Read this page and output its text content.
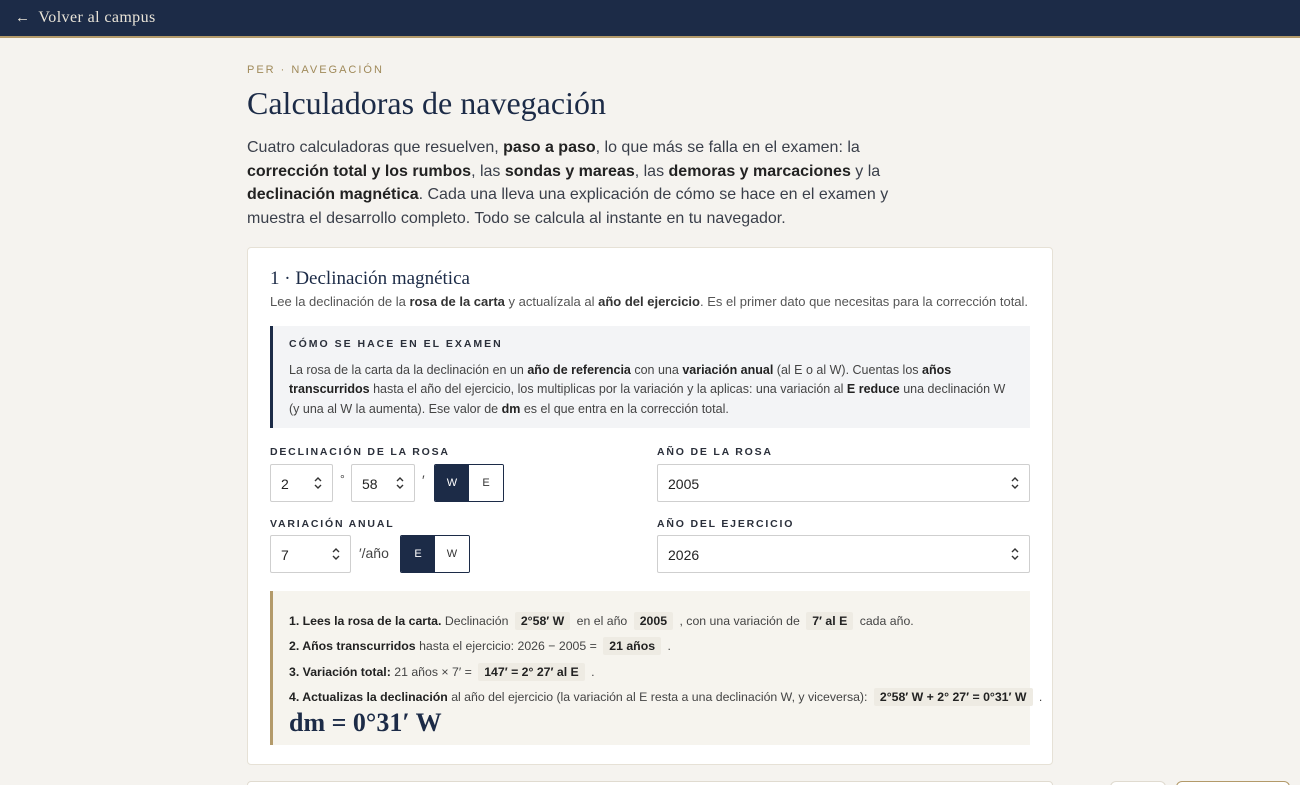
← Volver al campus
PER · NAVEGACIÓN
Calculadoras de navegación

Cuatro calculadoras que resuelven, paso a paso, lo que más se falla en el examen: la corrección total y los rumbos, las sondas y mareas, las demoras y marcaciones y la declinación magnética. Cada una lleva una explicación de cómo se hace en el examen y muestra el desarrollo completo. Todo se calcula al instante en tu navegador.

1 · Declinación magnética

Lee la declinación de la rosa de la carta y actualízala al año del ejercicio. Es el primer dato que necesitas para la corrección total.

CÓMO SE HACE EN EL EXAMEN

La rosa de la carta da la declinación en un año de referencia con una variación anual (al E o al W). Cuentas los años transcurridos hasta el año del ejercicio, los multiplicas por la variación y la aplicas: una variación al E reduce una declinación W (y una al W la aumenta). Ese valor de dm es el que entra en la corrección total.

DECLINACIÓN DE LA ROSA
2	°	58	′	W	E
AÑO DE LA ROSA
2005
VARIACIÓN ANUAL
7	′/año	E	W
AÑO DEL EJERCICIO
2026
1. Lees la rosa de la carta. Declinación 2°58′ W en el año 2005 , con una variación de 7′ al E cada año.
2. Años transcurridos hasta el ejercicio: 2026 − 2005 = 21 años .
3. Variación total: 21 años × 7′ = 147′ = 2° 27′ al E .
4. Actualizas la declinación al año del ejercicio (la variación al E resta a una declinación W, y viceversa): 2°58′ W + 2° 27′ = 0°31′ W .
dm = 0°31′ W
